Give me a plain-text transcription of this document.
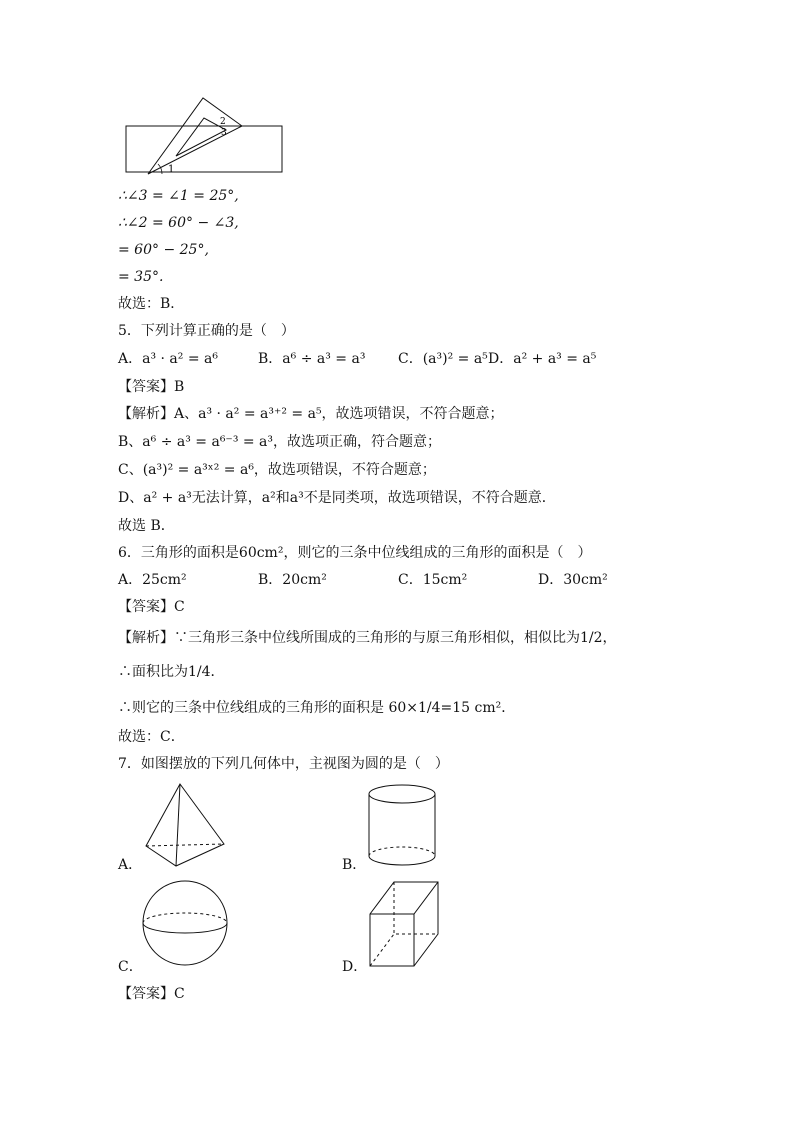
1
2
3
∴∠3 = ∠1 = 25°,
∴∠2 = 60° − ∠3,
= 60° − 25°,
= 35°.
故选：B．
5．下列计算正确的是（　）
A．a³ · a² = a⁶	B．a⁶ ÷ a³ = a³ C．(a³)² = a⁵ D．a² + a³ = a⁵
【答案】B
【解析】A、a³ · a² = a³⁺² = a⁵，故选项错误，不符合题意；
B、a⁶ ÷ a³ = a⁶⁻³ = a³，故选项正确，符合题意；
C、(a³)² = a³ˣ² = a⁶，故选项错误，不符合题意；
D、a² + a³无法计算，a²和a³不是同类项，故选项错误，不符合题意．
故选 B．
6．三角形的面积是60cm²，则它的三条中位线组成的三角形的面积是（　）
A．25cm²	B．20cm²	C．15cm²	D．30cm²
【答案】C
【解析】∵三角形三条中位线所围成的三角形的与原三角形相似，相似比为1/2，
∴面积比为1/4．
∴则它的三条中位线组成的三角形的面积是 60×1/4=15 cm²．
故选：C．
7．如图摆放的下列几何体中，主视图为圆的是（　）
A．	B．
C．	D．
【答案】C
